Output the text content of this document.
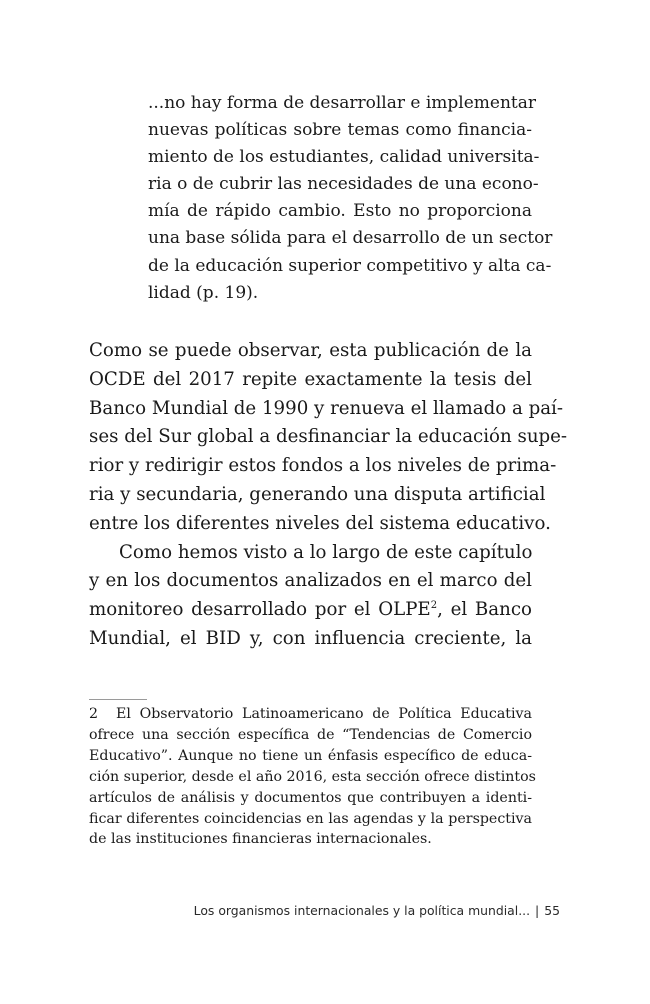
...no hay forma de desarrollar e implementar
nuevas políticas sobre temas como financia-
miento de los estudiantes, calidad universita-
ria o de cubrir las necesidades de una econo-
mía de rápido cambio. Esto no proporciona
una base sólida para el desarrollo de un sector
de la educación superior competitivo y alta ca-
lidad (p. 19).
Como se puede observar, esta publicación de la
OCDE del 2017 repite exactamente la tesis del
Banco Mundial de 1990 y renueva el llamado a paí-
ses del Sur global a desfinanciar la educación supe-
rior y redirigir estos fondos a los niveles de prima-
ria y secundaria, generando una disputa artificial
entre los diferentes niveles del sistema educativo.
Como hemos visto a lo largo de este capítulo
y en los documentos analizados en el marco del
monitoreo desarrollado por el OLPE$^2$, el Banco
Mundial, el BID y, con influencia creciente, la
2 El Observatorio Latinoamericano de Política Educativa
ofrece una sección específica de “Tendencias de Comercio
Educativo”. Aunque no tiene un énfasis específico de educa-
ción superior, desde el año 2016, esta sección ofrece distintos
artículos de análisis y documentos que contribuyen a identi-
ficar diferentes coincidencias en las agendas y la perspectiva
de las instituciones financieras internacionales.
Los organismos internacionales y la política mundial... | 55
